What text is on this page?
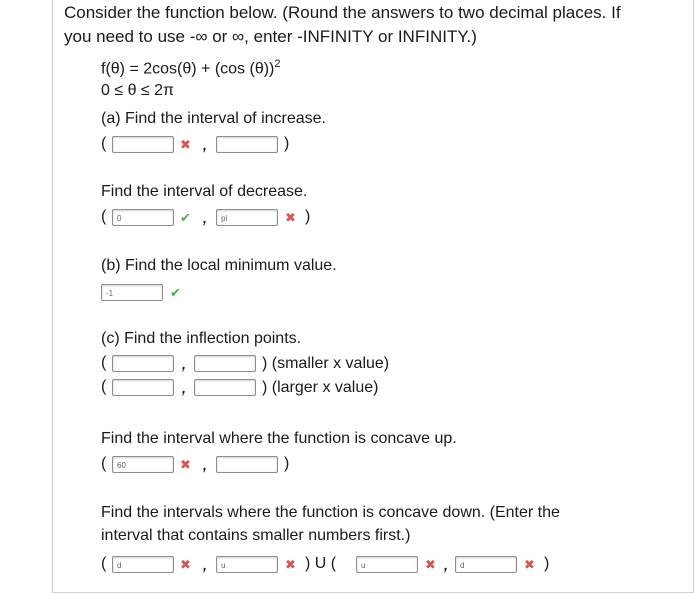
Consider the function below. (Round the answers to two decimal places. If
you need to use -∞ or ∞, enter -INFINITY or INFINITY.)
f(θ) = 2cos(θ) + (cos (θ))$^2$
0 ≤ θ ≤ 2π
(a) Find the interval of increase.
(	✖ ,	)
Find the interval of decrease.
(	0	✔ ,	pi	✖ )
(b) Find the local minimum value.
-1	✔
(c) Find the inflection points.
(	,	) (smaller x value)
(	,	) (larger x value)
Find the interval where the function is concave up.
(	60	✖ ,	)
Find the intervals where the function is concave down. (Enter the
interval that contains smaller numbers first.)
(	d	✖ ,	u	✖ ) U (	u	✖ ,	d	✖ )
